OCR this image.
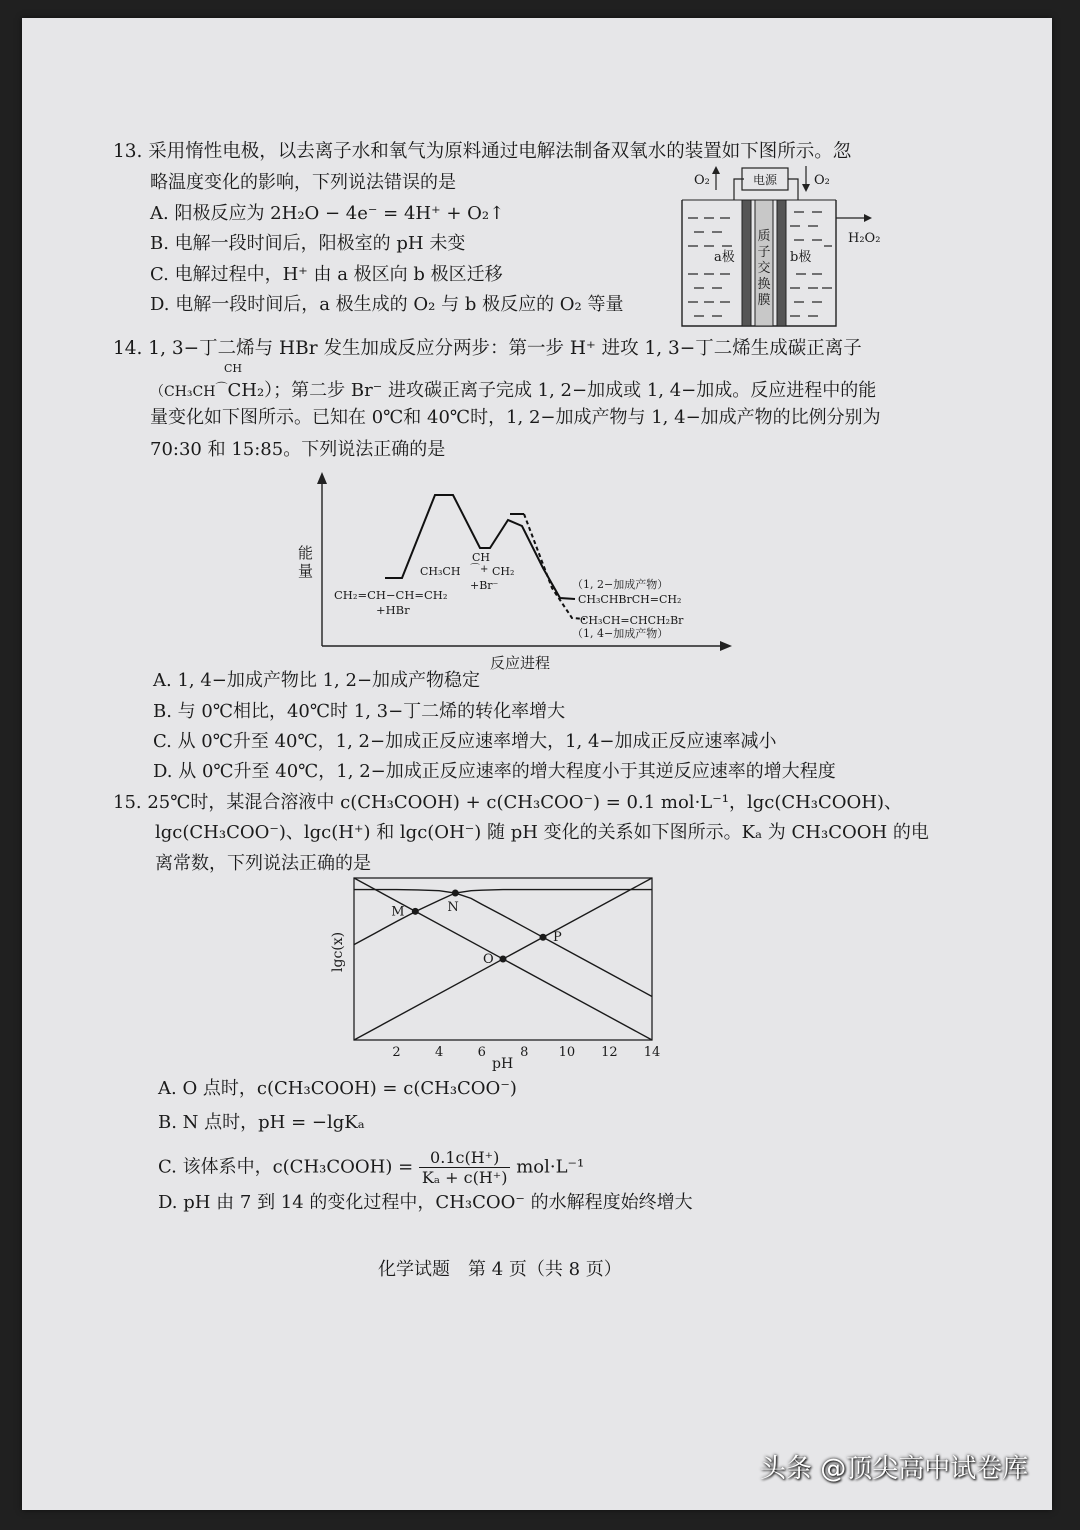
13. 采用惰性电极，以去离子水和氧气为原料通过电解法制备双氧水的装置如下图所示。忽
略温度变化的影响，下列说法错误的是
A. 阳极反应为 2H₂O − 4e⁻ = 4H⁺ + O₂↑
B. 电解一段时间后，阳极室的 pH 未变
C. 电解过程中，H⁺ 由 a 极区向 b 极区迁移
D. 电解一段时间后，a 极生成的 O₂ 与 b 极反应的 O₂ 等量
电源
O₂	O₂
质
子
交
换
膜
a极	b极
H₂O₂
14. 1, 3−丁二烯与 HBr 发生加成反应分两步：第一步 H⁺ 进攻 1, 3−丁二烯生成碳正离子
CH
（CH₃CH⌒CH₂）；第二步 Br⁻ 进攻碳正离子完成 1, 2−加成或 1, 4−加成。反应进程中的能
量变化如下图所示。已知在 0℃和 40℃时，1, 2−加成产物与 1, 4−加成产物的比例分别为
70:30 和 15:85。下列说法正确的是
能
量
反应进程
CH₂=CH−CH=CH₂
+HBr
CH
CH₃CH ⌒+ CH₂
+Br⁻	（1, 2−加成产物）
CH₃CHBrCH=CH₂
CH₃CH=CHCH₂Br
（1, 4−加成产物）
A. 1, 4−加成产物比 1, 2−加成产物稳定
B. 与 0℃相比，40℃时 1, 3−丁二烯的转化率增大
C. 从 0℃升至 40℃，1, 2−加成正反应速率增大，1, 4−加成正反应速率减小
D. 从 0℃升至 40℃，1, 2−加成正反应速率的增大程度小于其逆反应速率的增大程度
15. 25℃时，某混合溶液中 c(CH₃COOH) + c(CH₃COO⁻) = 0.1 mol·L⁻¹，lgc(CH₃COOH)、
lgc(CH₃COO⁻)、lgc(H⁺) 和 lgc(OH⁻) 随 pH 变化的关系如下图所示。Kₐ 为 CH₃COOH 的电
离常数，下列说法正确的是
lgc(x)
pH
2	4	6	8 10 12 14
M	N
O
P
A. O 点时，c(CH₃COOH) = c(CH₃COO⁻)
B. N 点时，pH = −lgKₐ
C. 该体系中，c(CH₃COOH) = $\frac{0.1c(H^+)}{\text{Kₐ + c(H⁺)}} mol\cdot L^{-1}$
D. pH 由 7 到 14 的变化过程中，CH₃COO⁻ 的水解程度始终增大
化学试题　第 4 页（共 8 页）
头条 @顶尖高中试卷库
